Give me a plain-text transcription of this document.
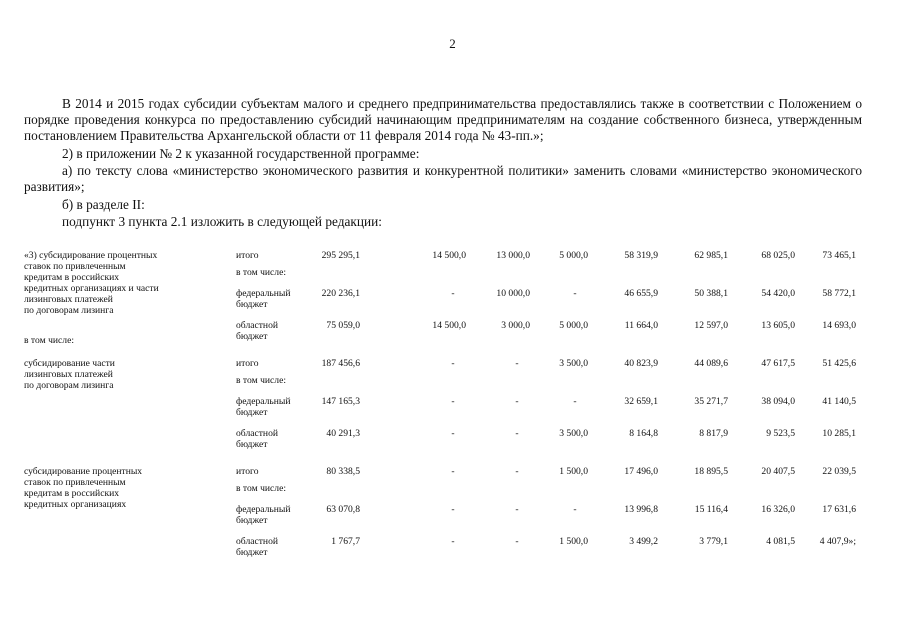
2
В 2014 и 2015 годах субсидии субъектам малого и среднего предпринимательства предоставлялись также в соответствии с Положением о порядке проведения конкурса по предоставлению субсидий начинающим предпринимателям на создание собственного бизнеса, утвержденным постановлением Правительства Архангельской области от 11 февраля 2014 года № 43-пп.»;
2) в приложении № 2 к указанной государственной программе:
а) по тексту слова «министерство экономического развития и конкурентной политики» заменить словами «министерство экономического развития»;
б) в разделе II:
подпункт 3 пункта 2.1 изложить в следующей редакции:
«3) субсидирование процентных
ставок по привлеченным
кредитам в российских
кредитных организациях и части
лизинговых платежей
по договорам лизинга
в том числе:
итого	295 295,1	14 500,0	13 000,0	5 000,0	58 319,9	62 985,1	68 025,0	73 465,1
в том числе:
федеральный
бюджет
220 236,1	-	10 000,0	-	46 655,9	50 388,1	54 420,0	58 772,1
областной
бюджет
75 059,0	14 500,0	3 000,0	5 000,0	11 664,0	12 597,0	13 605,0	14 693,0
субсидирование части
лизинговых платежей
по договорам лизинга
итого	187 456,6	-	-	3 500,0	40 823,9	44 089,6	47 617,5	51 425,6
в том числе:
федеральный
бюджет
147 165,3	-	-	-	32 659,1	35 271,7	38 094,0	41 140,5
областной
бюджет
40 291,3	-	-	3 500,0	8 164,8	8 817,9	9 523,5	10 285,1
субсидирование процентных
ставок по привлеченным
кредитам в российских
кредитных организациях
итого	80 338,5	-	-	1 500,0	17 496,0	18 895,5	20 407,5	22 039,5
в том числе:
федеральный
бюджет
63 070,8	-	-	-	13 996,8	15 116,4	16 326,0	17 631,6
областной
бюджет
1 767,7	-	-	1 500,0	3 499,2	3 779,1	4 081,5	4 407,9»;
